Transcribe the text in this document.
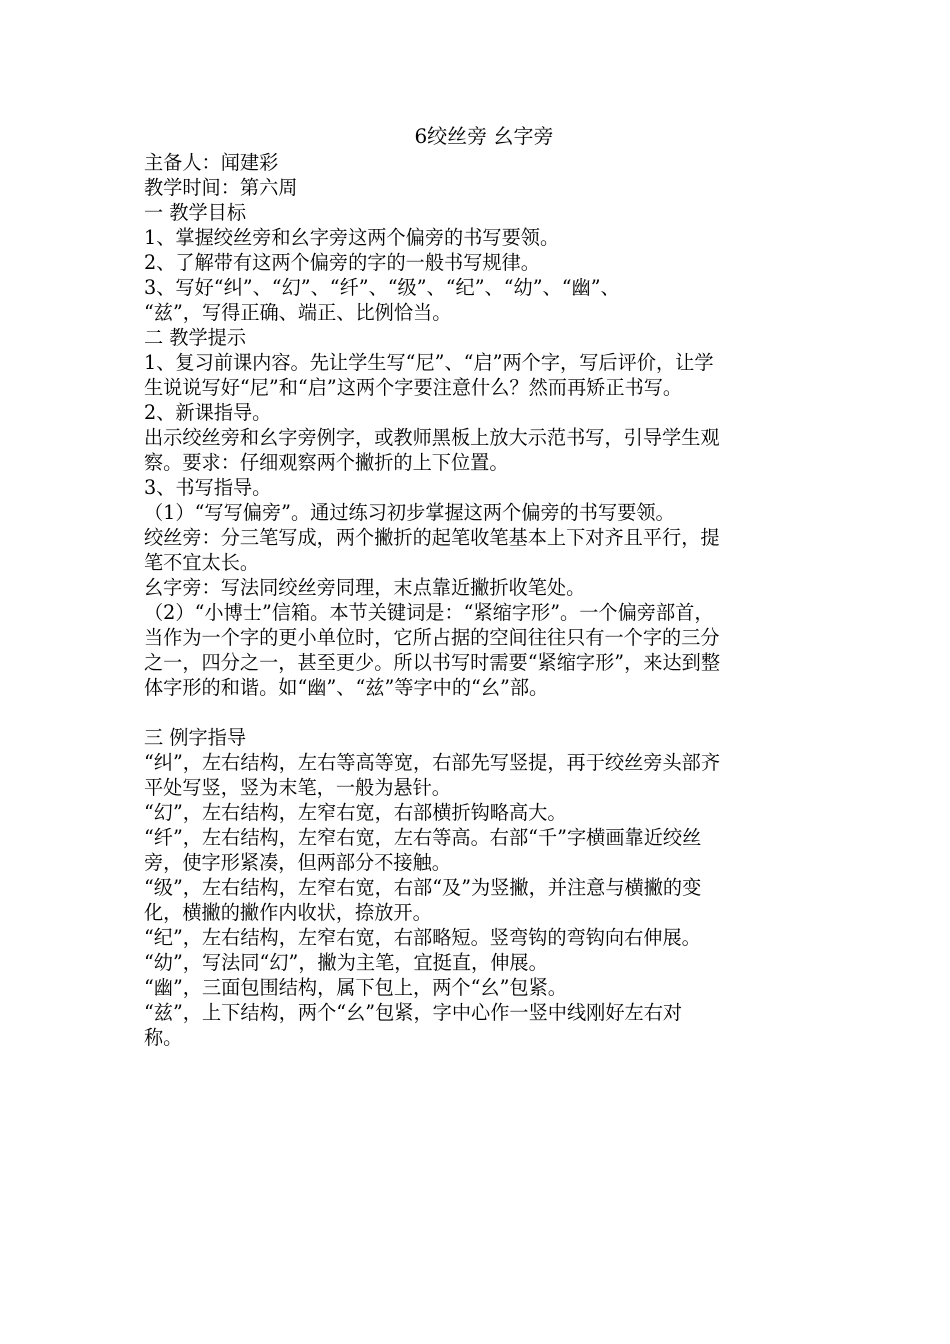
6绞丝旁 幺字旁

主备人：闻建彩

教学时间：第六周

一 教学目标

1、掌握绞丝旁和幺字旁这两个偏旁的书写要领。

2、了解带有这两个偏旁的字的一般书写规律。

3、写好“纠”、“幻”、“纤”、“级”、“纪”、“幼”、“幽”、

“兹”，写得正确、端正、比例恰当。

二 教学提示

1、复习前课内容。先让学生写“尼”、“启”两个字，写后评价，让学

生说说写好“尼”和“启”这两个字要注意什么？然而再矫正书写。

2、新课指导。

出示绞丝旁和幺字旁例字，或教师黑板上放大示范书写，引导学生观

察。要求：仔细观察两个撇折的上下位置。

3、书写指导。

（1）“写写偏旁”。通过练习初步掌握这两个偏旁的书写要领。

绞丝旁：分三笔写成，两个撇折的起笔收笔基本上下对齐且平行，提

笔不宜太长。

幺字旁：写法同绞丝旁同理，末点靠近撇折收笔处。

（2）“小博士”信箱。本节关键词是：“紧缩字形”。一个偏旁部首，

当作为一个字的更小单位时，它所占据的空间往往只有一个字的三分

之一，四分之一，甚至更少。所以书写时需要“紧缩字形”，来达到整

体字形的和谐。如“幽”、“兹”等字中的“幺”部。

三 例字指导

“纠”，左右结构，左右等高等宽，右部先写竖提，再于绞丝旁头部齐

平处写竖，竖为末笔，一般为悬针。

“幻”，左右结构，左窄右宽，右部横折钩略高大。

“纤”，左右结构，左窄右宽，左右等高。右部“千”字横画靠近绞丝

旁，使字形紧凑，但两部分不接触。

“级”，左右结构，左窄右宽，右部“及”为竖撇，并注意与横撇的变

化，横撇的撇作内收状，捺放开。

“纪”，左右结构，左窄右宽，右部略短。竖弯钩的弯钩向右伸展。

“幼”，写法同“幻”，撇为主笔，宜挺直，伸展。

“幽”，三面包围结构，属下包上，两个“幺”包紧。

“兹”，上下结构，两个“幺”包紧，字中心作一竖中线刚好左右对

称。
